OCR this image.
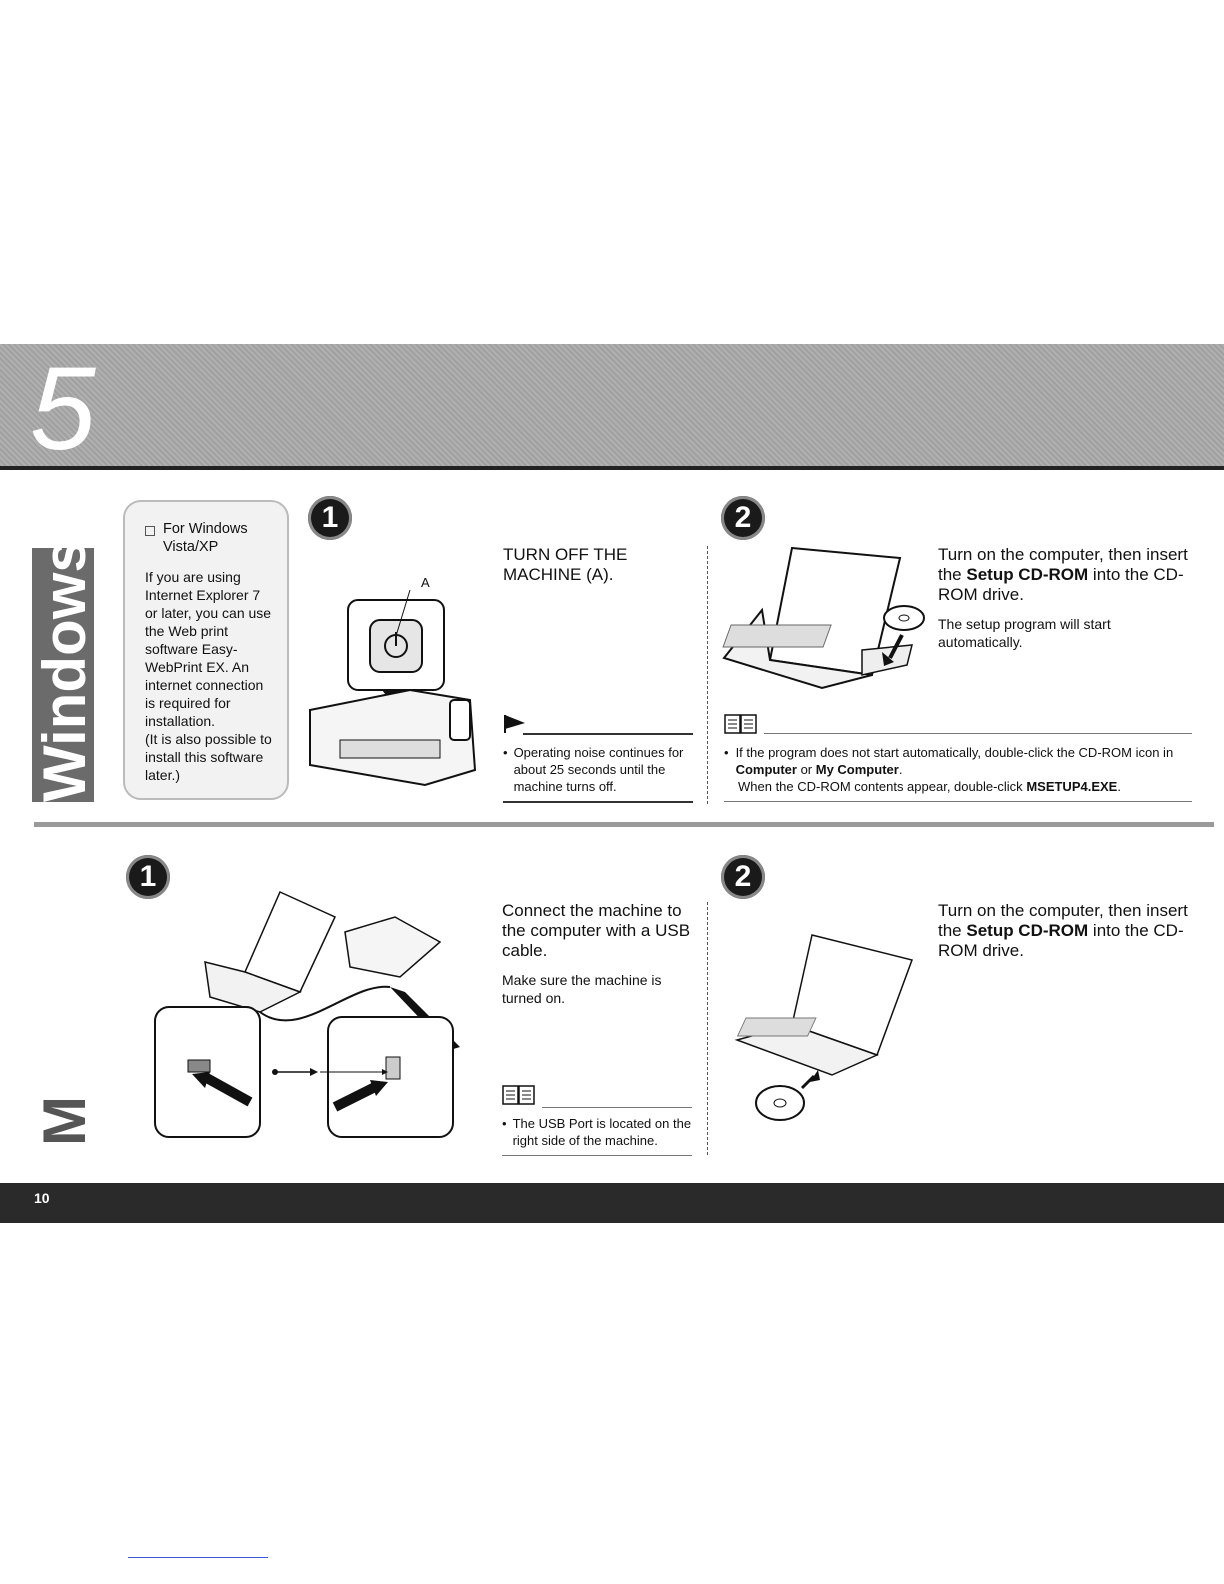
5
Windows
For Windows Vista/XP
If you are using Internet Explorer 7 or later, you can use the Web print software Easy-WebPrint EX. An internet connection is required for installation.
(It is also possible to install this software later.)
1
A
TURN OFF THE MACHINE (A).
• Operating noise continues for about 25 seconds until the machine turns off.
2
Turn on the computer, then insert the Setup CD-ROM into the CD-ROM drive.
The setup program will start automatically.
• If the program does not start automatically, double-click the CD-ROM icon in Computer or My Computer.
When the CD-ROM contents appear, double-click MSETUP4.EXE.
M
1
Connect the machine to the computer with a USB cable.
Make sure the machine is turned on.
• The USB Port is located on the right side of the machine.
2
Turn on the computer, then insert the Setup CD-ROM into the CD-ROM drive.
10
